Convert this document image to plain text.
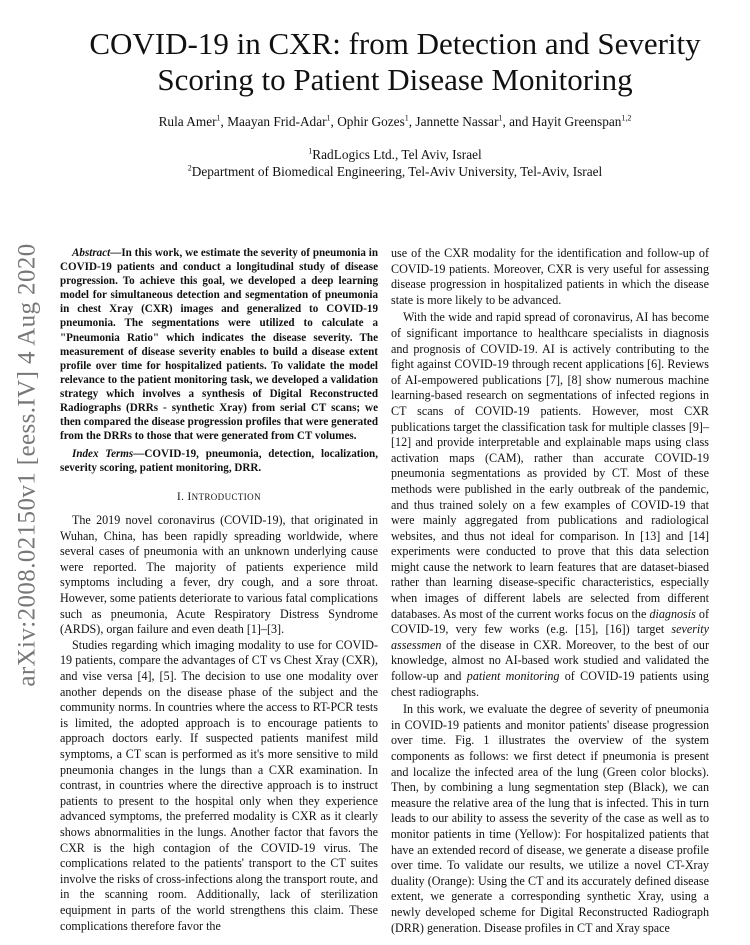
arXiv:2008.02150v1 [eess.IV] 4 Aug 2020
COVID-19 in CXR: from Detection and Severity Scoring to Patient Disease Monitoring
Rula Amer$^1$, Maayan Frid-Adar$^1$, Ophir Gozes$^1$, Jannette Nassar$^1$, and Hayit Greenspan$^{1,2}$
$^1$RadLogics Ltd., Tel Aviv, Israel
$^2$Department of Biomedical Engineering, Tel-Aviv University, Tel-Aviv, Israel

Abstract—In this work, we estimate the severity of pneumonia in COVID-19 patients and conduct a longitudinal study of disease progression. To achieve this goal, we developed a deep learning model for simultaneous detection and segmentation of pneumonia in chest Xray (CXR) images and generalized to COVID-19 pneumonia. The segmentations were utilized to calculate a "Pneumonia Ratio" which indicates the disease severity. The measurement of disease severity enables to build a disease extent profile over time for hospitalized patients. To validate the model relevance to the patient monitoring task, we developed a validation strategy which involves a synthesis of Digital Reconstructed Radiographs (DRRs - synthetic Xray) from serial CT scans; we then compared the disease progression profiles that were generated from the DRRs to those that were generated from CT volumes.

Index Terms—COVID-19, pneumonia, detection, localization, severity scoring, patient monitoring, DRR.

I. INTRODUCTION

The 2019 novel coronavirus (COVID-19), that originated in Wuhan, China, has been rapidly spreading worldwide, where several cases of pneumonia with an unknown underlying cause were reported. The majority of patients experience mild symptoms including a fever, dry cough, and a sore throat. However, some patients deteriorate to various fatal complications such as pneumonia, Acute Respiratory Distress Syndrome (ARDS), organ failure and even death [1]–[3].

Studies regarding which imaging modality to use for COVID-19 patients, compare the advantages of CT vs Chest Xray (CXR), and vise versa [4], [5]. The decision to use one modality over another depends on the disease phase of the subject and the community norms. In countries where the access to RT-PCR tests is limited, the adopted approach is to encourage patients to approach doctors early. If suspected patients manifest mild symptoms, a CT scan is performed as it's more sensitive to mild pneumonia changes in the lungs than a CXR examination. In contrast, in countries where the directive approach is to instruct patients to present to the hospital only when they experience advanced symptoms, the preferred modality is CXR as it clearly shows abnormalities in the lungs. Another factor that favors the CXR is the high contagion of the COVID-19 virus. The complications related to the patients' transport to the CT suites involve the risks of cross-infections along the transport route, and in the scanning room. Additionally, lack of sterilization equipment in parts of the world strengthens this claim. These complications therefore favor the

use of the CXR modality for the identification and follow-up of COVID-19 patients. Moreover, CXR is very useful for assessing disease progression in hospitalized patients in which the disease state is more likely to be advanced.

With the wide and rapid spread of coronavirus, AI has become of significant importance to healthcare specialists in diagnosis and prognosis of COVID-19. AI is actively contributing to the fight against COVID-19 through recent applications [6]. Reviews of AI-empowered publications [7], [8] show numerous machine learning-based research on segmentations of infected regions in CT scans of COVID-19 patients. However, most CXR publications target the classification task for multiple classes [9]–[12] and provide interpretable and explainable maps using class activation maps (CAM), rather than accurate COVID-19 pneumonia segmentations as provided by CT. Most of these methods were published in the early outbreak of the pandemic, and thus trained solely on a few examples of COVID-19 that were mainly aggregated from publications and radiological websites, and thus not ideal for comparison. In [13] and [14] experiments were conducted to prove that this data selection might cause the network to learn features that are dataset-biased rather than learning disease-specific characteristics, especially when images of different labels are selected from different databases. As most of the current works focus on the diagnosis of COVID-19, very few works (e.g. [15], [16]) target severity assessmen of the disease in CXR. Moreover, to the best of our knowledge, almost no AI-based work studied and validated the follow-up and patient monitoring of COVID-19 patients using chest radiographs.

In this work, we evaluate the degree of severity of pneumonia in COVID-19 patients and monitor patients' disease progression over time. Fig. 1 illustrates the overview of the system components as follows: we first detect if pneumonia is present and localize the infected area of the lung (Green color blocks). Then, by combining a lung segmentation step (Black), we can measure the relative area of the lung that is infected. This in turn leads to our ability to assess the severity of the case as well as to monitor patients in time (Yellow): For hospitalized patients that have an extended record of disease, we generate a disease profile over time. To validate our results, we utilize a novel CT-Xray duality (Orange): Using the CT and its accurately defined disease extent, we generate a corresponding synthetic Xray, using a newly developed scheme for Digital Reconstructed Radiograph (DRR) generation. Disease profiles in CT and Xray space
